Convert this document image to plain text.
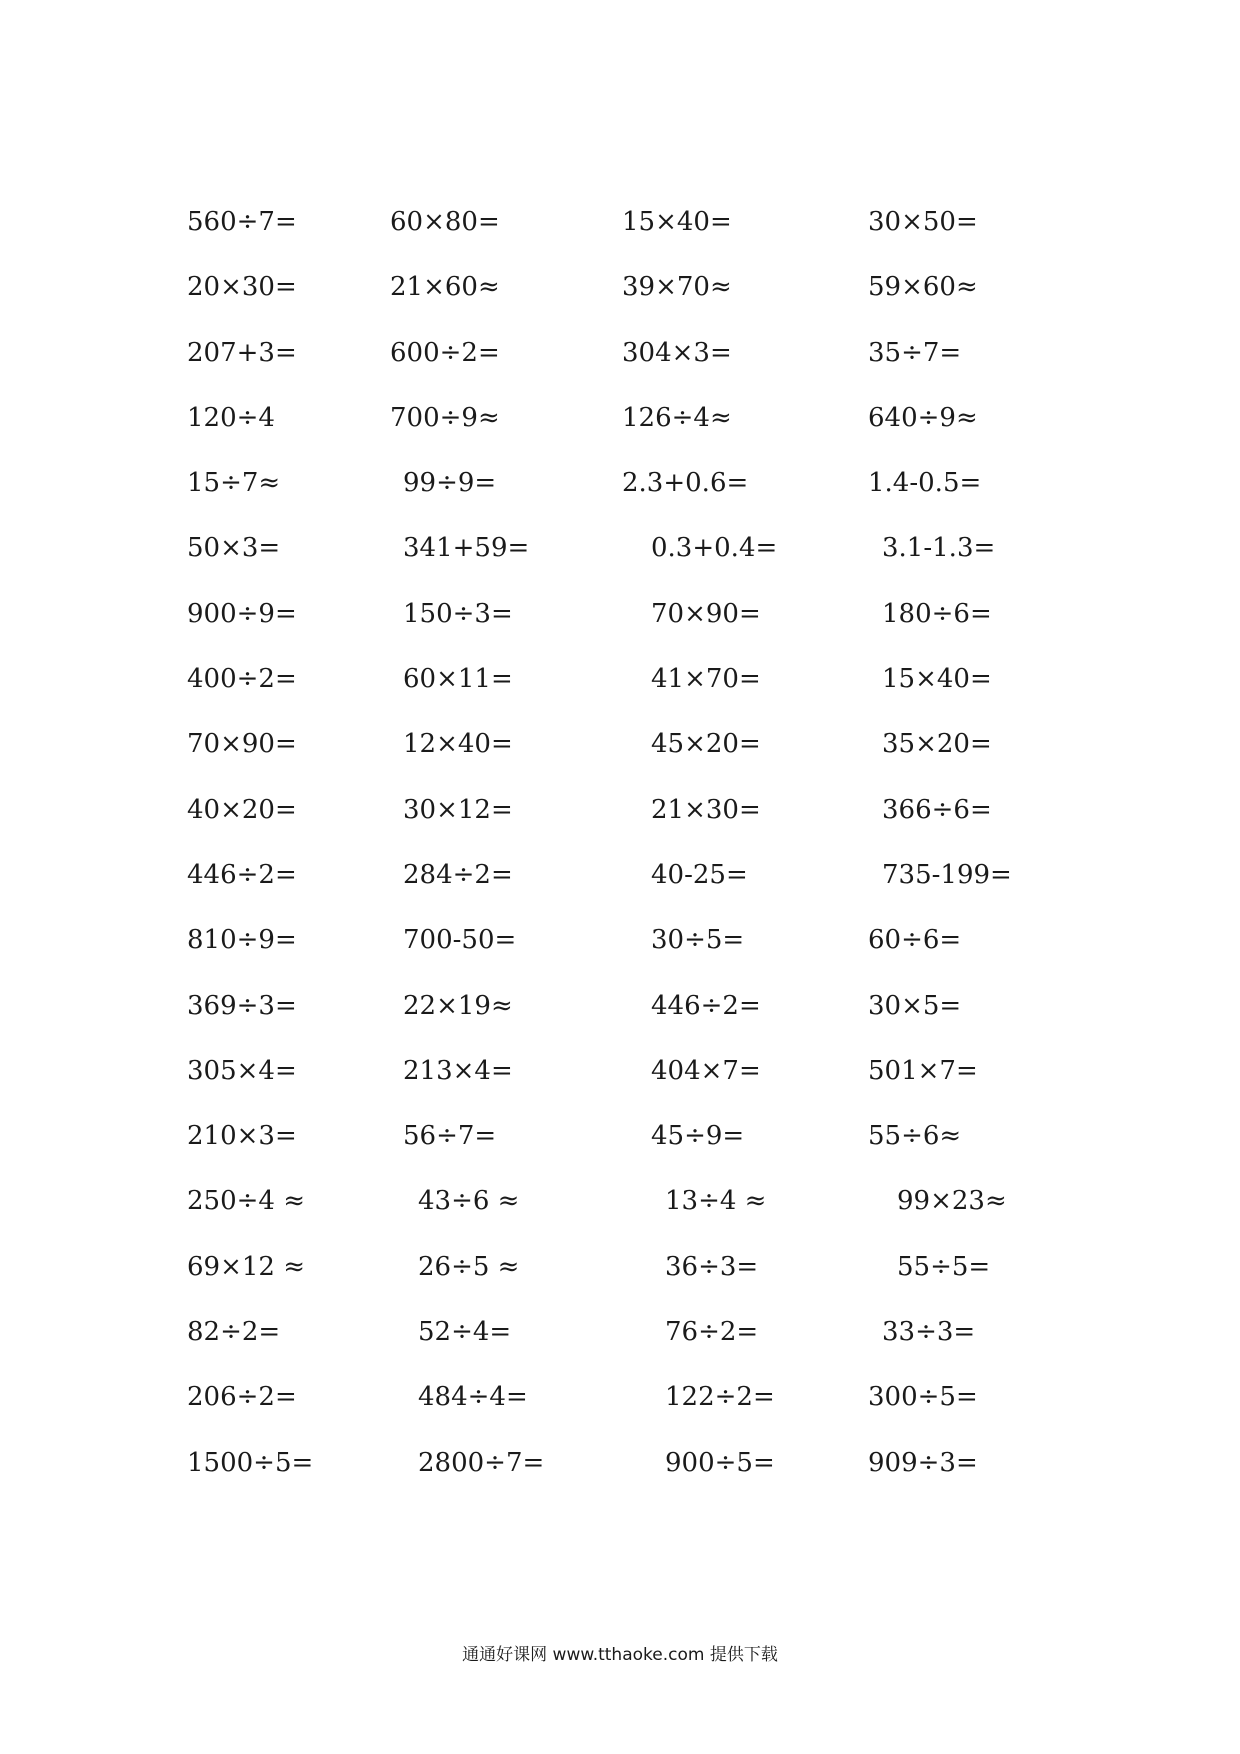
560÷7=	60×80=	15×40=	30×50=
20×30=	21×60≈	39×70≈	59×60≈
207+3=	600÷2=	304×3=	35÷7=
120÷4	700÷9≈	126÷4≈	640÷9≈
15÷7≈	99÷9=	2.3+0.6=	1.4-0.5=
50×3=	341+59=	0.3+0.4=	3.1-1.3=
900÷9=	150÷3=	70×90=	180÷6=
400÷2=	60×11=	41×70=	15×40=
70×90=	12×40=	45×20=	35×20=
40×20=	30×12=	21×30=	366÷6=
446÷2=	284÷2=	40-25=	735-199=
810÷9=	700-50=	30÷5=	60÷6=
369÷3=	22×19≈	446÷2=	30×5=
305×4=	213×4=	404×7=	501×7=
210×3=	56÷7=	45÷9=	55÷6≈
250÷4 ≈	43÷6 ≈	13÷4 ≈	99×23≈
69×12 ≈	26÷5 ≈	36÷3=	55÷5=
82÷2=	52÷4=	76÷2=	33÷3=
206÷2=	484÷4=	122÷2=	300÷5=
1500÷5=	2800÷7=	900÷5=	909÷3=
通通好课网 www.tthaoke.com 提供下载
